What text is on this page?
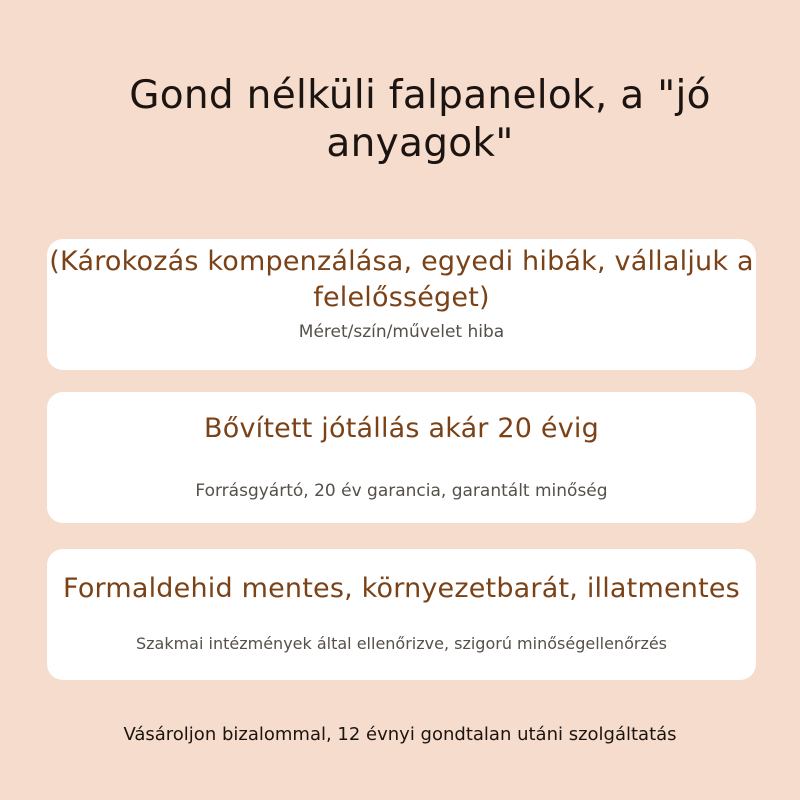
Gond nélküli falpanelok, a "jó anyagok"
(Károkozás kompenzálása, egyedi hibák, vállaljuk a felelősséget)
Méret/szín/művelet hiba
Bővített jótállás akár 20 évig
Forrásgyártó, 20 év garancia, garantált minőség
Formaldehid mentes, környezetbarát, illatmentes
Szakmai intézmények által ellenőrizve, szigorú minőségellenőrzés
Vásároljon bizalommal, 12 évnyi gondtalan utáni szolgáltatás
